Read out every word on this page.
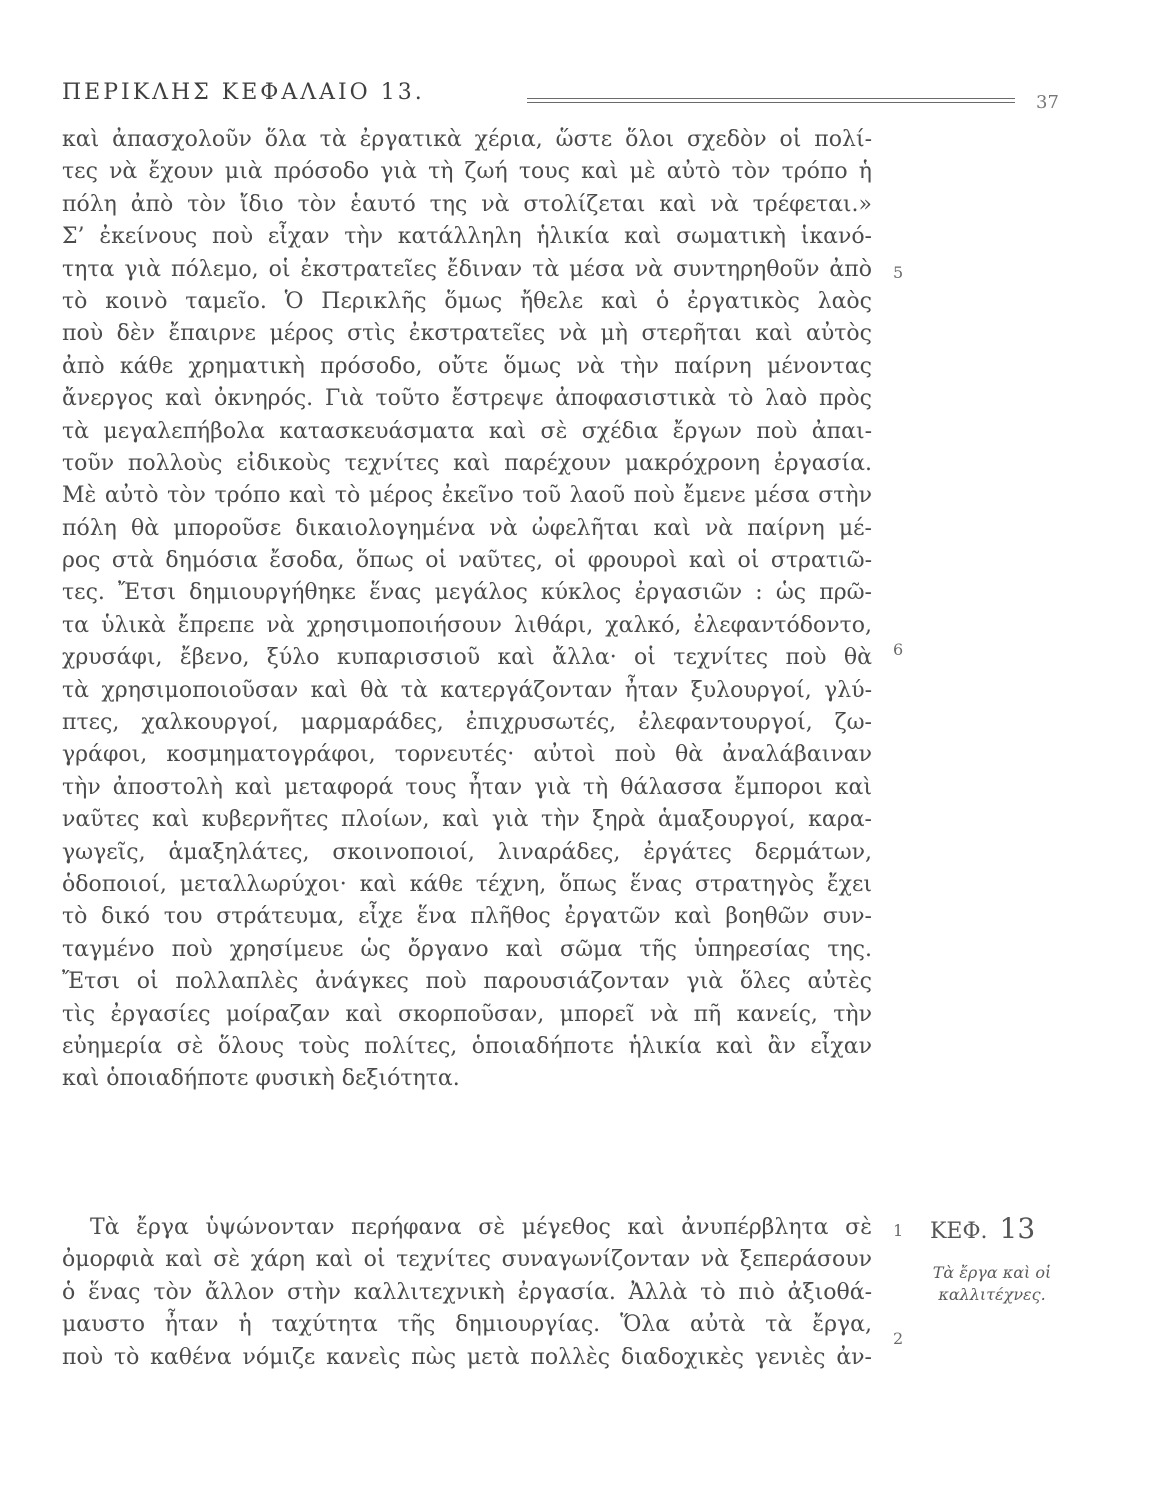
ΠΕΡΙΚΛΗΣ ΚΕΦΑΛΑΙΟ 13.	37
καὶ ἀπασχολοῦν ὅλα τὰ ἐργατικὰ χέρια, ὥστε ὅλοι σχεδὸν οἱ πολί-
τες νὰ ἔχουν μιὰ πρόσοδο γιὰ τὴ ζωή τους καὶ μὲ αὐτὸ τὸν τρόπο ἡ
πόλη ἀπὸ τὸν ἴδιο τὸν ἑαυτό της νὰ στολίζεται καὶ νὰ τρέφεται.»
Σ’ ἐκείνους ποὺ εἶχαν τὴν κατάλληλη ἡλικία καὶ σωματικὴ ἱκανό-
τητα γιὰ πόλεμο, οἱ ἐκστρατεῖες ἔδιναν τὰ μέσα νὰ συντηρηθοῦν ἀπὸ
τὸ κοινὸ ταμεῖο. Ὁ Περικλῆς ὅμως ἤθελε καὶ ὁ ἐργατικὸς λαὸς
ποὺ δὲν ἔπαιρνε μέρος στὶς ἐκστρατεῖες νὰ μὴ στερῆται καὶ αὐτὸς
ἀπὸ κάθε χρηματικὴ πρόσοδο, οὔτε ὅμως νὰ τὴν παίρνη μένοντας
ἄνεργος καὶ ὀκνηρός. Γιὰ τοῦτο ἔστρεψε ἀποφασιστικὰ τὸ λαὸ πρὸς
τὰ μεγαλεπήβολα κατασκευάσματα καὶ σὲ σχέδια ἔργων ποὺ ἀπαι-
τοῦν πολλοὺς εἰδικοὺς τεχνίτες καὶ παρέχουν μακρόχρονη ἐργασία.
Μὲ αὐτὸ τὸν τρόπο καὶ τὸ μέρος ἐκεῖνο τοῦ λαοῦ ποὺ ἔμενε μέσα στὴν
πόλη θὰ μποροῦσε δικαιολογημένα νὰ ὠφελῆται καὶ νὰ παίρνη μέ-
ρος στὰ δημόσια ἔσοδα, ὅπως οἱ ναῦτες, οἱ φρουροὶ καὶ οἱ στρατιῶ-
τες. Ἔτσι δημιουργήθηκε ἕνας μεγάλος κύκλος ἐργασιῶν : ὡς πρῶ-
τα ὑλικὰ ἔπρεπε νὰ χρησιμοποιήσουν λιθάρι, χαλκό, ἐλεφαντόδοντο,
χρυσάφι, ἔβενο, ξύλο κυπαρισσιοῦ καὶ ἄλλα· οἱ τεχνίτες ποὺ θὰ
τὰ χρησιμοποιοῦσαν καὶ θὰ τὰ κατεργάζονταν ἦταν ξυλουργοί, γλύ-
πτες, χαλκουργοί, μαρμαράδες, ἐπιχρυσωτές, ἐλεφαντουργοί, ζω-
γράφοι, κοσμηματογράφοι, τορνευτές· αὐτοὶ ποὺ θὰ ἀναλάβαιναν
τὴν ἀποστολὴ καὶ μεταφορά τους ἦταν γιὰ τὴ θάλασσα ἔμποροι καὶ
ναῦτες καὶ κυβερνῆτες πλοίων, καὶ γιὰ τὴν ξηρὰ ἁμαξουργοί, καρα-
γωγεῖς, ἁμαξηλάτες, σκοινοποιοί, λιναράδες, ἐργάτες δερμάτων,
ὁδοποιοί, μεταλλωρύχοι· καὶ κάθε τέχνη, ὅπως ἕνας στρατηγὸς ἔχει
τὸ δικό του στράτευμα, εἶχε ἕνα πλῆθος ἐργατῶν καὶ βοηθῶν συν-
ταγμένο ποὺ χρησίμευε ὡς ὄργανο καὶ σῶμα τῆς ὑπηρεσίας της.
Ἔτσι οἱ πολλαπλὲς ἀνάγκες ποὺ παρουσιάζονταν γιὰ ὅλες αὐτὲς
τὶς ἐργασίες μοίραζαν καὶ σκορποῦσαν, μπορεῖ νὰ πῆ κανείς, τὴν
εὐημερία σὲ ὅλους τοὺς πολίτες, ὁποιαδήποτε ἡλικία καὶ ἂν εἶχαν
καὶ ὁποιαδήποτε φυσικὴ δεξιότητα.
5
6
Τὰ ἔργα ὑψώνονταν περήφανα σὲ μέγεθος καὶ ἀνυπέρβλητα σὲ
ὀμορφιὰ καὶ σὲ χάρη καὶ οἱ τεχνίτες συναγωνίζονταν νὰ ξεπεράσουν
ὁ ἕνας τὸν ἄλλον στὴν καλλιτεχνικὴ ἐργασία. Ἀλλὰ τὸ πιὸ ἀξιοθά-
μαυστο ἦταν ἡ ταχύτητα τῆς δημιουργίας. Ὅλα αὐτὰ τὰ ἔργα,
ποὺ τὸ καθένα νόμιζε κανεὶς πὼς μετὰ πολλὲς διαδοχικὲς γενιὲς ἀν-
1
2
ΚΕΦ. 13
Τὰ ἔργα καὶ οἱ καλλιτέχνες.
